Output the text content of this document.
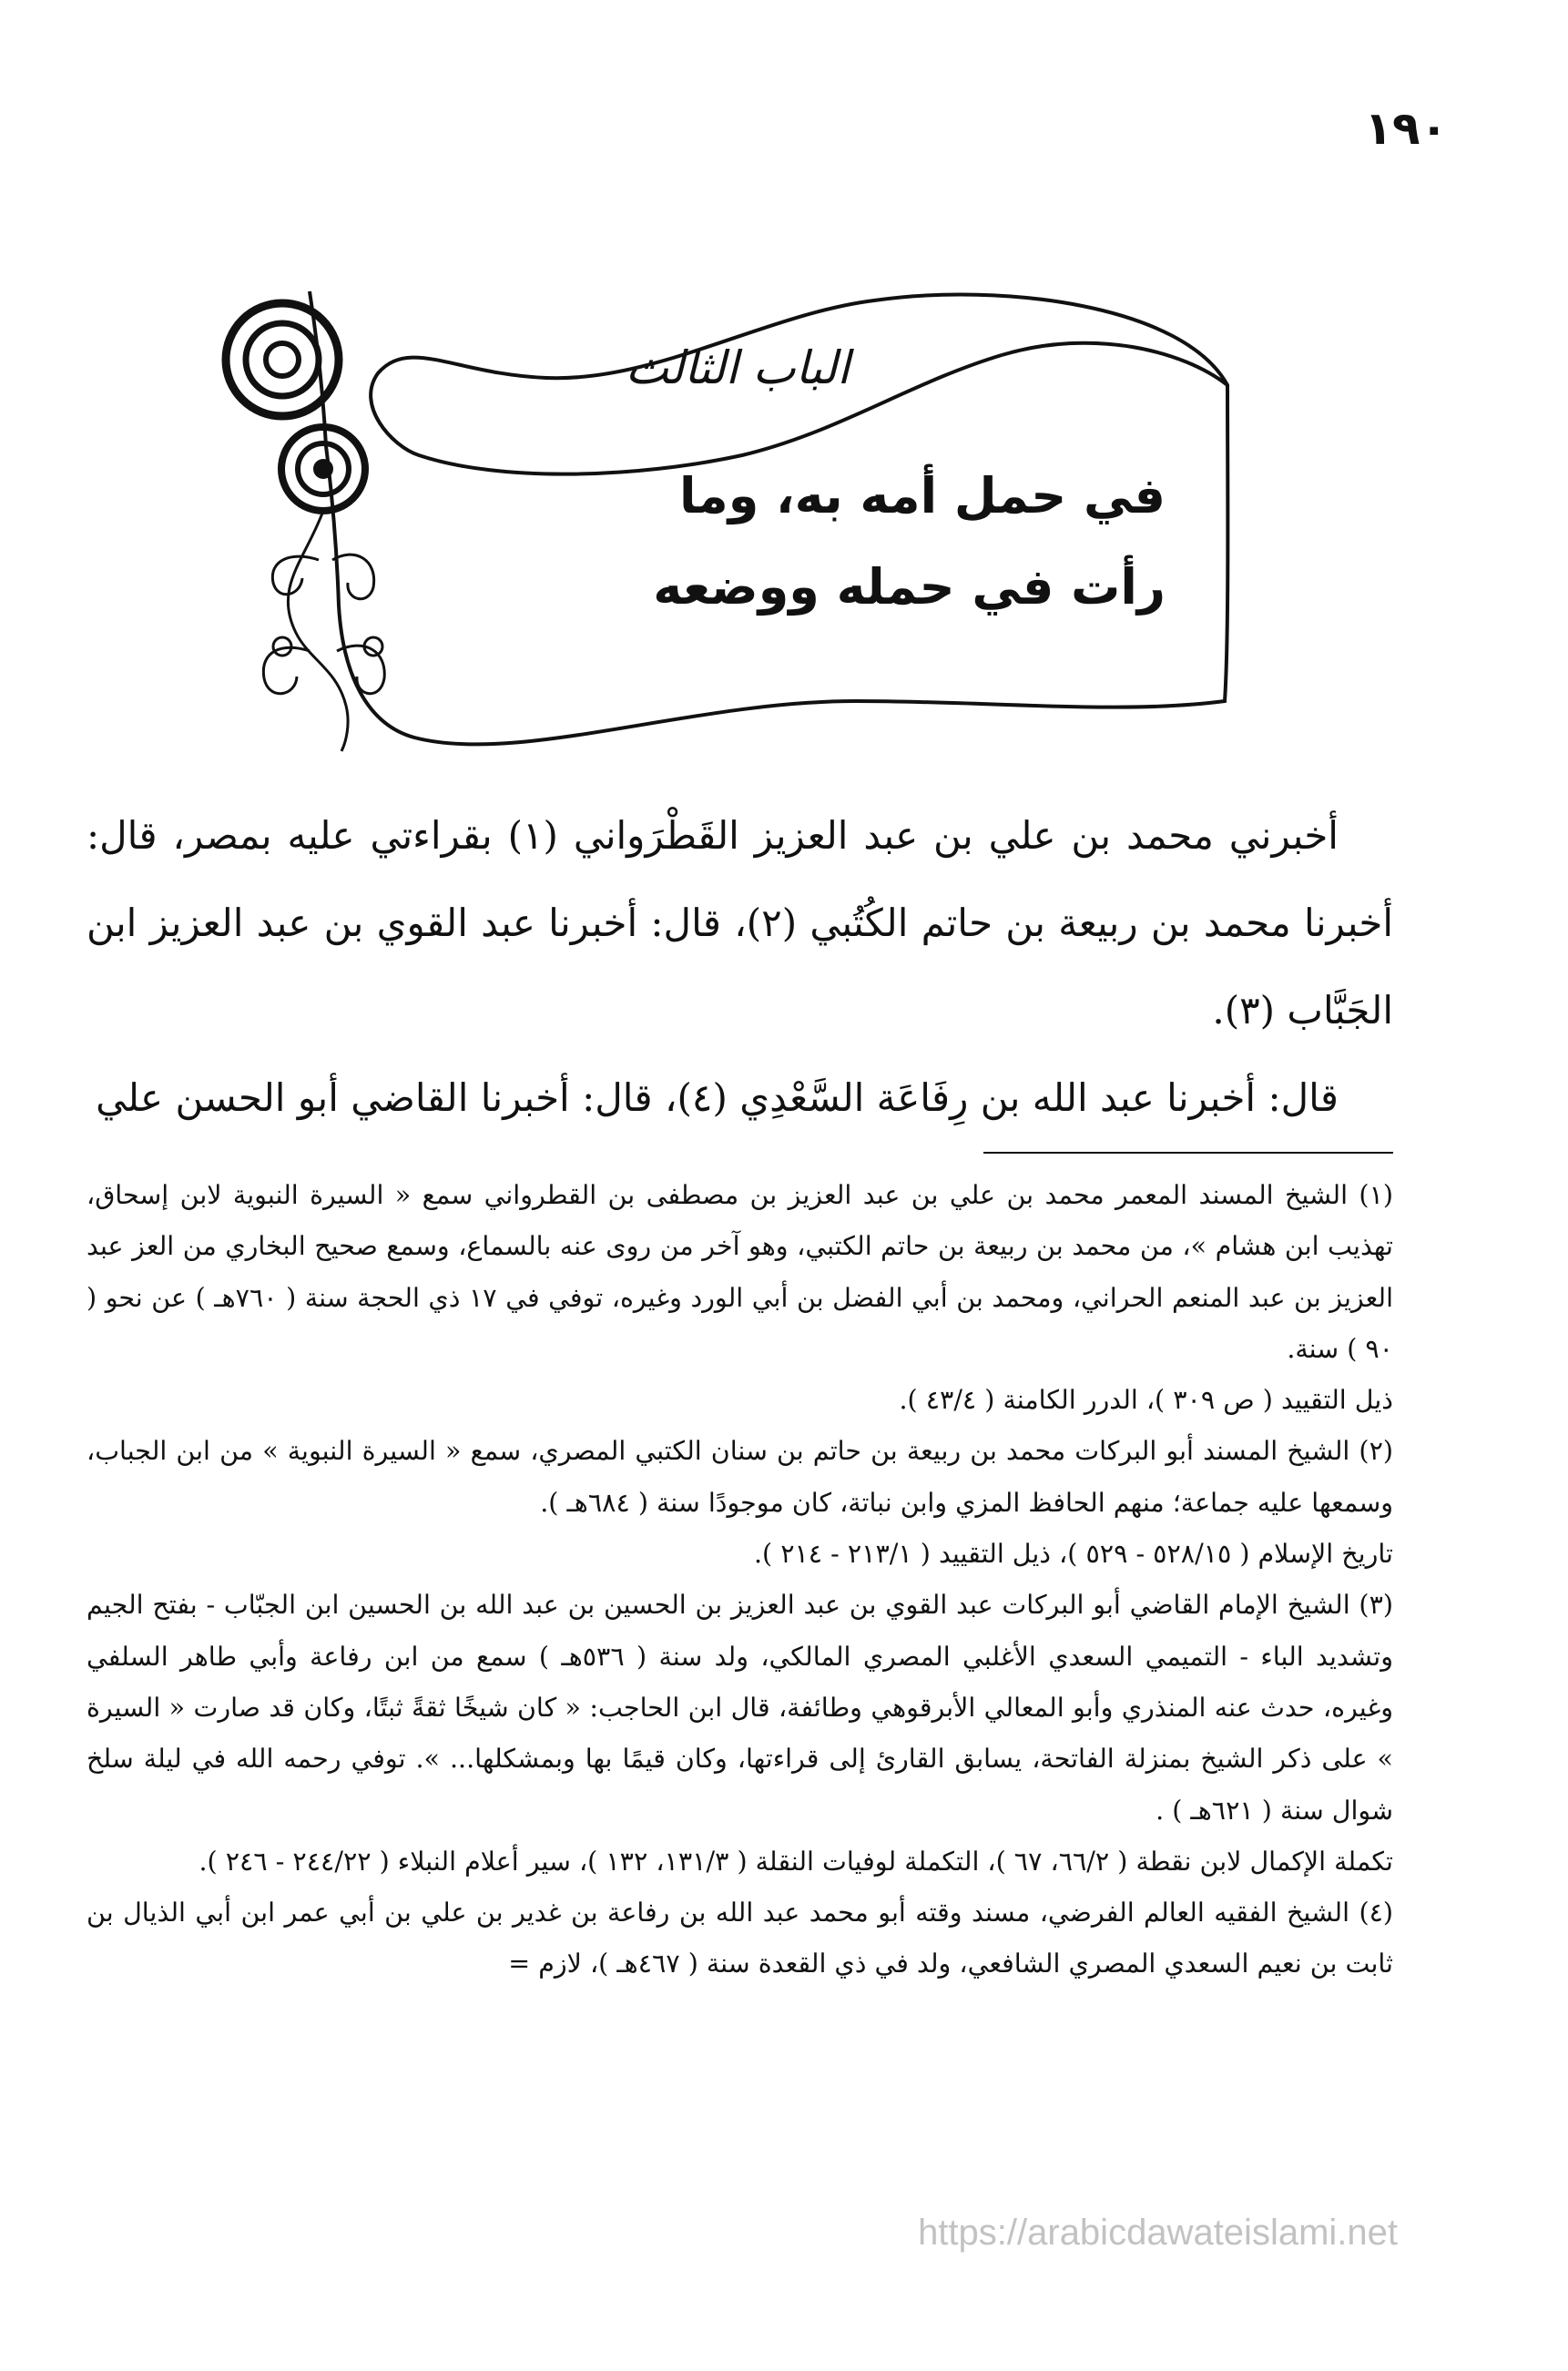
١٩٠
الباب الثالث
في حمل أمه به، وما
رأت في حمله ووضعه

أخبرني محمد بن علي بن عبد العزيز القَطْرَواني (١) بقراءتي عليه بمصر، قال: أخبرنا محمد بن ربيعة بن حاتم الكُتُبي (٢)، قال: أخبرنا عبد القوي بن عبد العزيز ابن الجَبَّاب (٣).

قال: أخبرنا عبد الله بن رِفَاعَة السَّعْدِي (٤)، قال: أخبرنا القاضي أبو الحسن علي

(١) الشيخ المسند المعمر محمد بن علي بن عبد العزيز بن مصطفى بن القطرواني سمع « السيرة النبوية لابن إسحاق، تهذيب ابن هشام »، من محمد بن ربيعة بن حاتم الكتبي، وهو آخر من روى عنه بالسماع، وسمع صحيح البخاري من العز عبد العزيز بن عبد المنعم الحراني، ومحمد بن أبي الفضل بن أبي الورد وغيره، توفي في ١٧ ذي الحجة سنة ( ٧٦٠هـ ) عن نحو ( ٩٠ ) سنة.

ذيل التقييد ( ص ٣٠٩ )، الدرر الكامنة ( ٤٣/٤ ).

(٢) الشيخ المسند أبو البركات محمد بن ربيعة بن حاتم بن سنان الكتبي المصري، سمع « السيرة النبوية » من ابن الجباب، وسمعها عليه جماعة؛ منهم الحافظ المزي وابن نباتة، كان موجودًا سنة ( ٦٨٤هـ ).

تاريخ الإسلام ( ٥٢٨/١٥ - ٥٢٩ )، ذيل التقييد ( ٢١٣/١ - ٢١٤ ).

(٣) الشيخ الإمام القاضي أبو البركات عبد القوي بن عبد العزيز بن الحسين بن عبد الله بن الحسين ابن الجبّاب - بفتح الجيم وتشديد الباء - التميمي السعدي الأغلبي المصري المالكي، ولد سنة ( ٥٣٦هـ ) سمع من ابن رفاعة وأبي طاهر السلفي وغيره، حدث عنه المنذري وأبو المعالي الأبرقوهي وطائفة، قال ابن الحاجب: « كان شيخًا ثقةً ثبتًا، وكان قد صارت « السيرة » على ذكر الشيخ بمنزلة الفاتحة، يسابق القارئ إلى قراءتها، وكان قيمًا بها وبمشكلها... ». توفي رحمه الله في ليلة سلخ شوال سنة ( ٦٢١هـ ) .

تكملة الإكمال لابن نقطة ( ٦٦/٢، ٦٧ )، التكملة لوفيات النقلة ( ١٣١/٣، ١٣٢ )، سير أعلام النبلاء ( ٢٤٤/٢٢ - ٢٤٦ ).

(٤) الشيخ الفقيه العالم الفرضي، مسند وقته أبو محمد عبد الله بن رفاعة بن غدير بن علي بن أبي عمر ابن أبي الذيال بن ثابت بن نعيم السعدي المصري الشافعي، ولد في ذي القعدة سنة ( ٤٦٧هـ )، لازم =

https://arabicdawateislami.net
